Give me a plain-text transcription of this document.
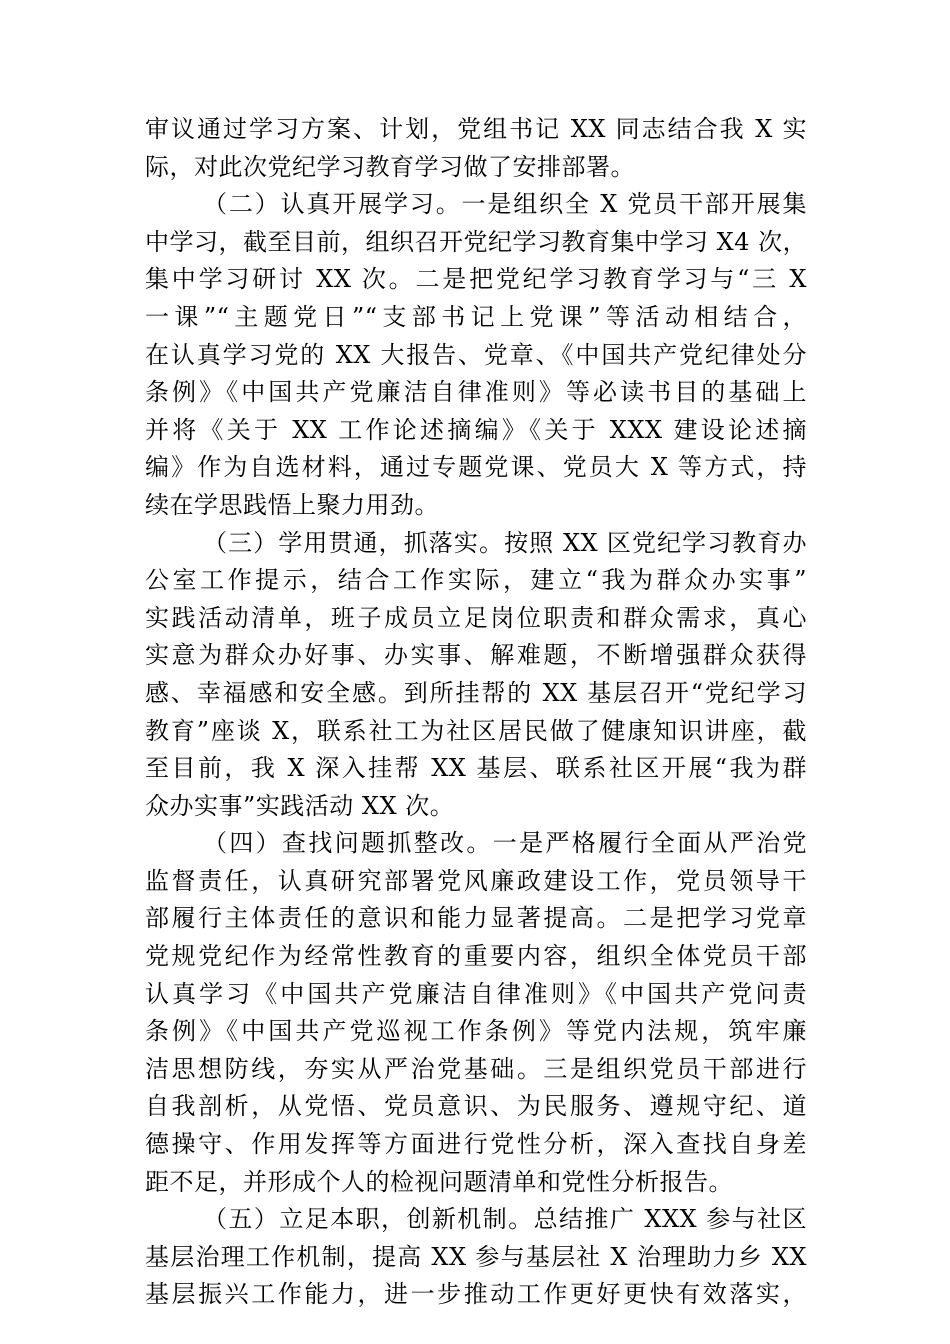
审议通过学习方案、计划，党组书记 XX 同志结合我 X 实
际，对此次党纪学习教育学习做了安排部署。
（二）认真开展学习。一是组织全 X 党员干部开展集
中学习，截至目前，组织召开党纪学习教育集中学习 X4 次，
集中学习研讨 XX 次。二是把党纪学习教育学习与“三 X
一课”“主题党日”“支部书记上党课”等活动相结合，
在认真学习党的 XX 大报告、党章、《中国共产党纪律处分
条例》《中国共产党廉洁自律准则》等必读书目的基础上
并将《关于 XX 工作论述摘编》《关于 XXX 建设论述摘
编》作为自选材料，通过专题党课、党员大 X 等方式，持
续在学思践悟上聚力用劲。
（三）学用贯通，抓落实。按照 XX 区党纪学习教育办
公室工作提示，结合工作实际，建立“我为群众办实事”
实践活动清单，班子成员立足岗位职责和群众需求，真心
实意为群众办好事、办实事、解难题，不断增强群众获得
感、幸福感和安全感。到所挂帮的 XX 基层召开“党纪学习
教育”座谈 X，联系社工为社区居民做了健康知识讲座，截
至目前，我 X 深入挂帮 XX 基层、联系社区开展“我为群
众办实事”实践活动 XX 次。
（四）查找问题抓整改。一是严格履行全面从严治党
监督责任，认真研究部署党风廉政建设工作，党员领导干
部履行主体责任的意识和能力显著提高。二是把学习党章
党规党纪作为经常性教育的重要内容，组织全体党员干部
认真学习《中国共产党廉洁自律准则》《中国共产党问责
条例》《中国共产党巡视工作条例》等党内法规，筑牢廉
洁思想防线，夯实从严治党基础。三是组织党员干部进行
自我剖析，从党悟、党员意识、为民服务、遵规守纪、道
德操守、作用发挥等方面进行党性分析，深入查找自身差
距不足，并形成个人的检视问题清单和党性分析报告。
（五）立足本职，创新机制。总结推广 XXX 参与社区
基层治理工作机制，提高 XX 参与基层社 X 治理助力乡 XX
基层振兴工作能力，进一步推动工作更好更快有效落实，
